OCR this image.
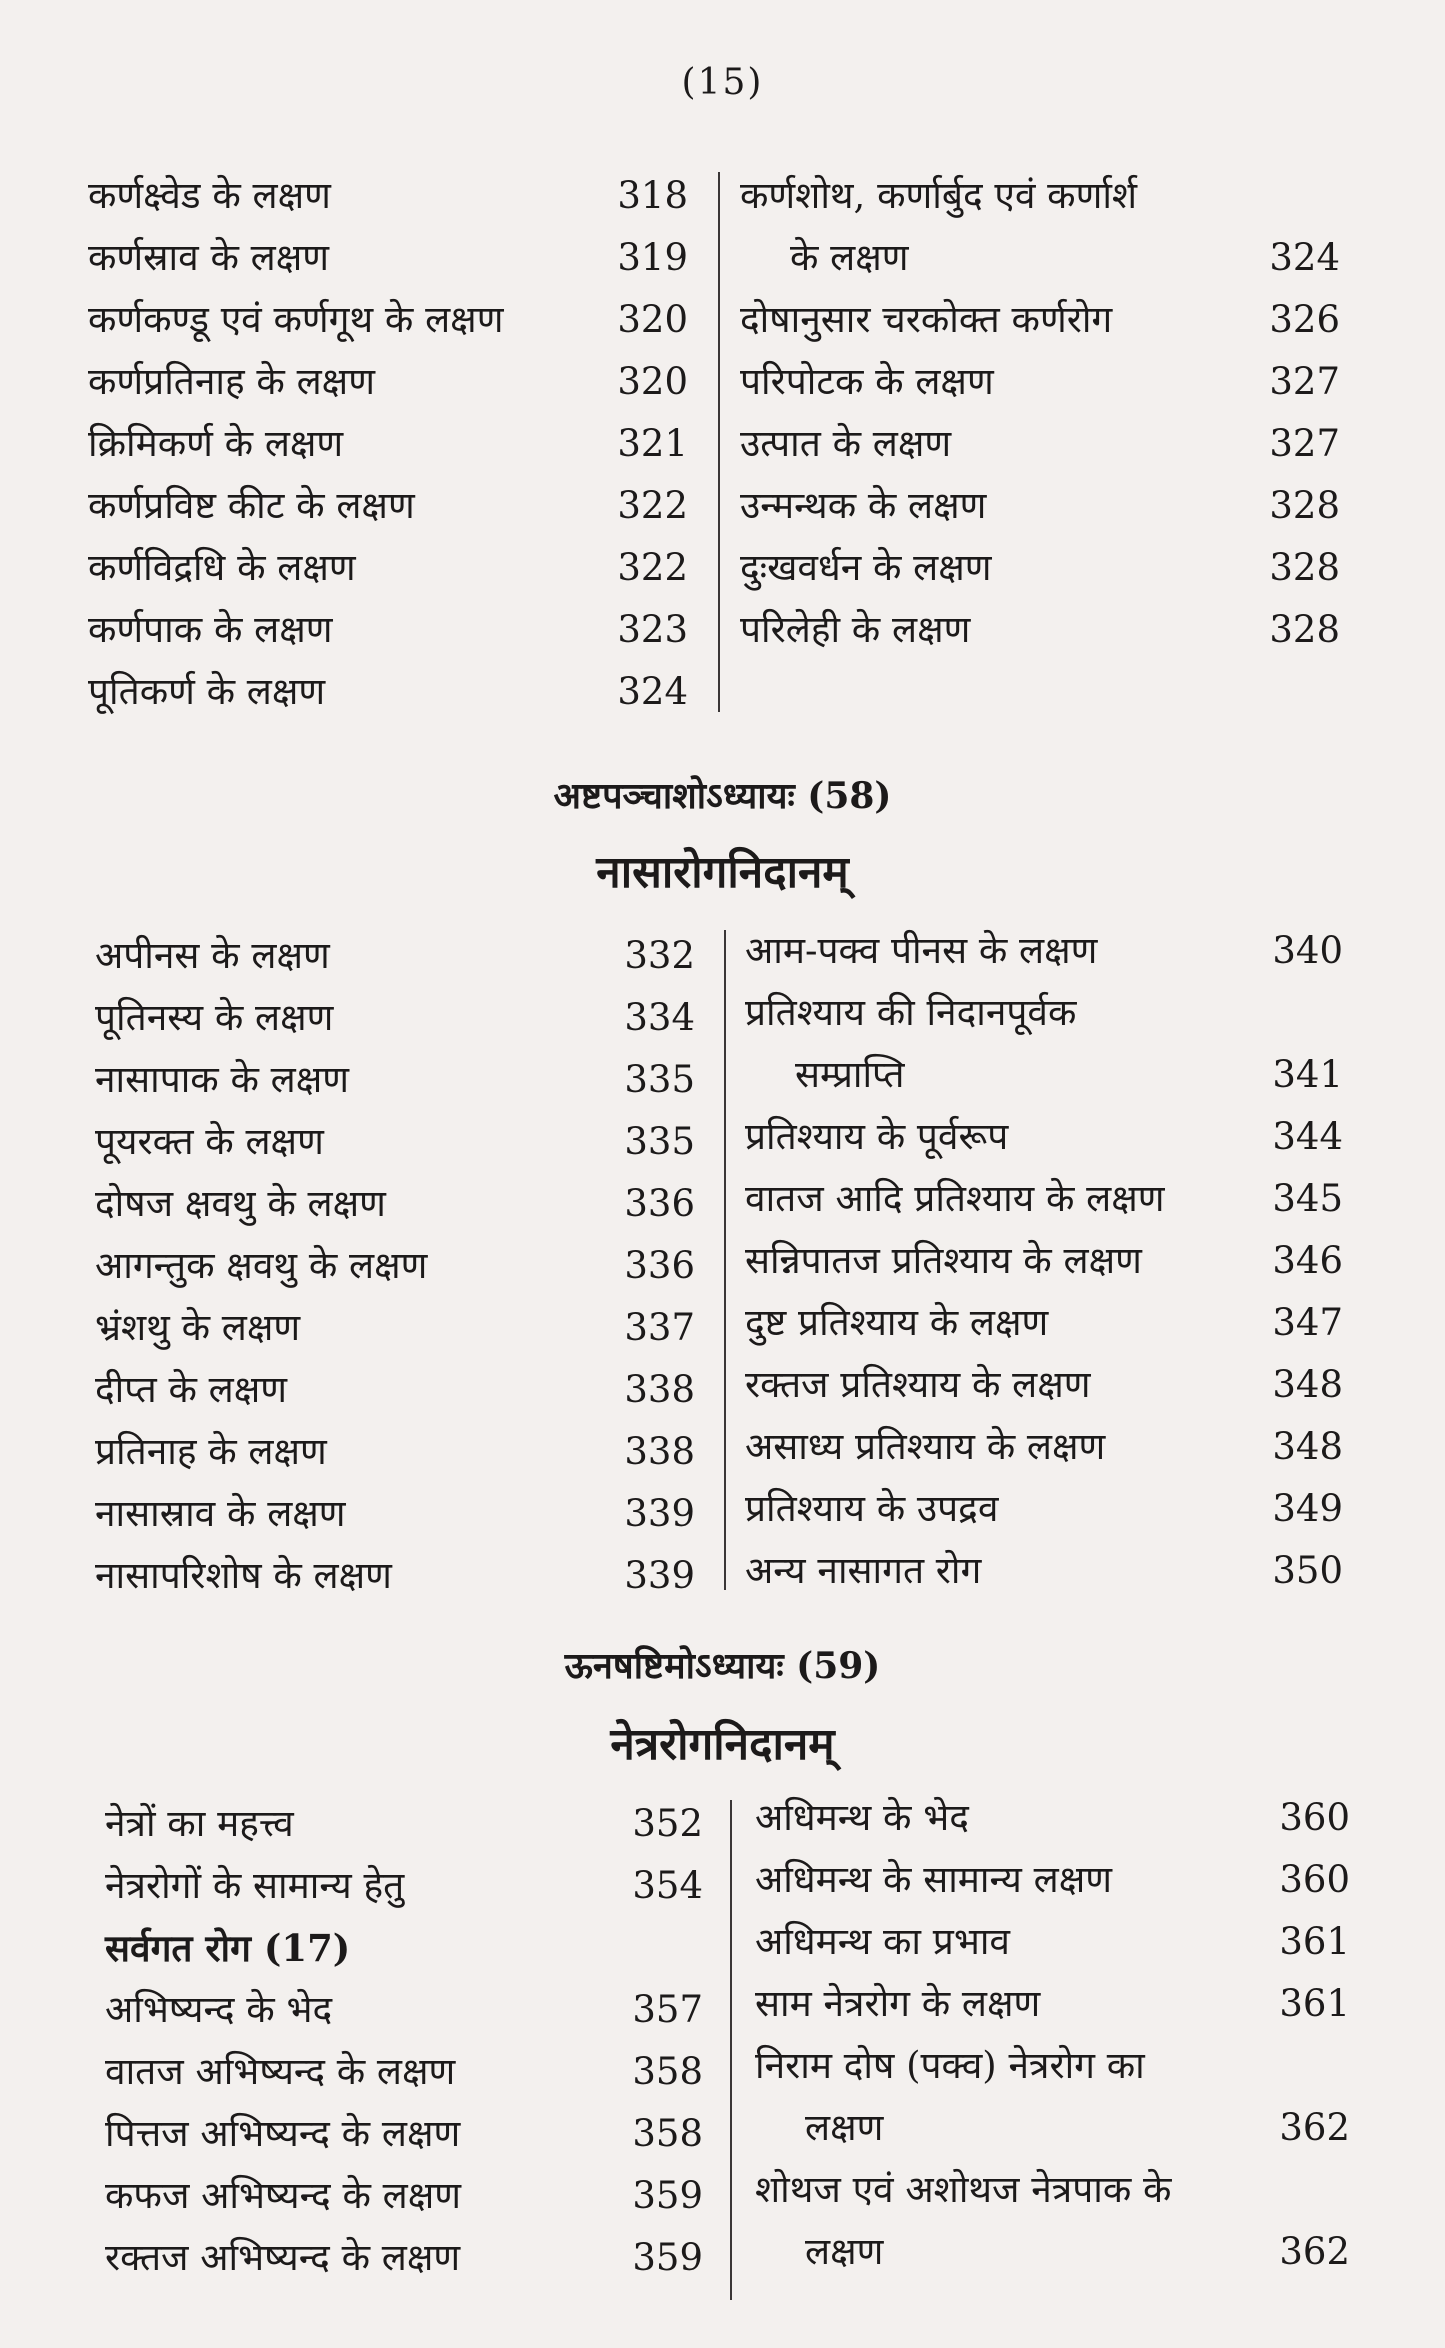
(15)
कर्णक्ष्वेड के लक्षण	318
कर्णस्राव के लक्षण	319
कर्णकण्डू एवं कर्णगूथ के लक्षण	320
कर्णप्रतिनाह के लक्षण	320
क्रिमिकर्ण के लक्षण	321
कर्णप्रविष्ट कीट के लक्षण	322
कर्णविद्रधि के लक्षण	322
कर्णपाक के लक्षण	323
पूतिकर्ण के लक्षण	324
कर्णशोथ, कर्णार्बुद एवं कर्णार्श
के लक्षण	324
दोषानुसार चरकोक्त कर्णरोग	326
परिपोटक के लक्षण	327
उत्पात के लक्षण	327
उन्मन्थक के लक्षण	328
दुःखवर्धन के लक्षण	328
परिलेही के लक्षण	328
अष्टपञ्चाशोऽध्यायः (58)
नासारोगनिदानम्
अपीनस के लक्षण	332
पूतिनस्य के लक्षण	334
नासापाक के लक्षण	335
पूयरक्त के लक्षण	335
दोषज क्षवथु के लक्षण	336
आगन्तुक क्षवथु के लक्षण	336
भ्रंशथु के लक्षण	337
दीप्त के लक्षण	338
प्रतिनाह के लक्षण	338
नासास्राव के लक्षण	339
नासापरिशोष के लक्षण	339
आम-पक्व पीनस के लक्षण	340
प्रतिश्याय की निदानपूर्वक
सम्प्राप्ति	341
प्रतिश्याय के पूर्वरूप	344
वातज आदि प्रतिश्याय के लक्षण	345
सन्निपातज प्रतिश्याय के लक्षण	346
दुष्ट प्रतिश्याय के लक्षण	347
रक्तज प्रतिश्याय के लक्षण	348
असाध्य प्रतिश्याय के लक्षण	348
प्रतिश्याय के उपद्रव	349
अन्य नासागत रोग	350
ऊनषष्टिमोऽध्यायः (59)
नेत्ररोगनिदानम्
नेत्रों का महत्त्व	352
नेत्ररोगों के सामान्य हेतु	354
सर्वगत रोग (17)
अभिष्यन्द के भेद	357
वातज अभिष्यन्द के लक्षण	358
पित्तज अभिष्यन्द के लक्षण	358
कफज अभिष्यन्द के लक्षण	359
रक्तज अभिष्यन्द के लक्षण	359
अधिमन्थ के भेद	360
अधिमन्थ के सामान्य लक्षण	360
अधिमन्थ का प्रभाव	361
साम नेत्ररोग के लक्षण	361
निराम दोष (पक्व) नेत्ररोग का
लक्षण	362
शोथज एवं अशोथज नेत्रपाक के
लक्षण	362
